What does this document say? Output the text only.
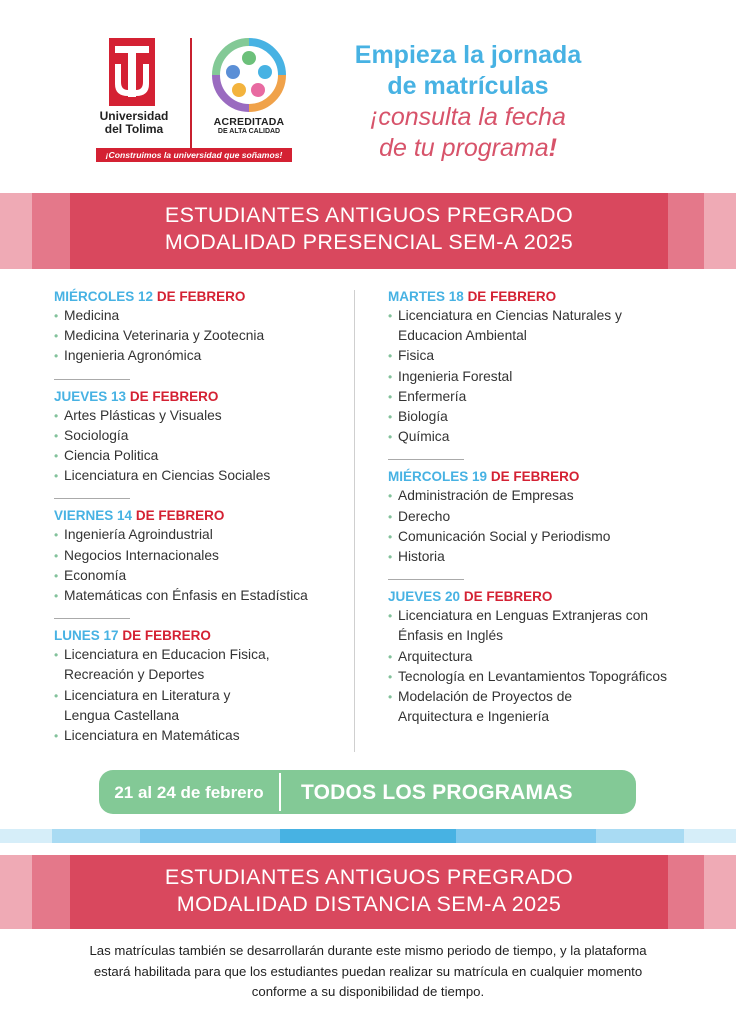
Universidad
del Tolima	ACREDITADA
DE ALTA CALIDAD
¡Construimos la universidad que soñamos!
Empieza la jornada
de matrículas
¡consulta la fecha
de tu programa!
ESTUDIANTES ANTIGUOS PREGRADO
MODALIDAD PRESENCIAL SEM-A 2025
MIÉRCOLES 12 DE FEBRERO
• Medicina
• Medicina Veterinaria y Zootecnia
• Ingenieria Agronómica
JUEVES 13 DE FEBRERO
• Artes Plásticas y Visuales
• Sociología
• Ciencia Politica
• Licenciatura en Ciencias Sociales
VIERNES 14 DE FEBRERO
• Ingeniería Agroindustrial
• Negocios Internacionales
• Economía
• Matemáticas con Énfasis en Estadística
LUNES 17 DE FEBRERO
• Licenciatura en Educacion Fisica,
Recreación y Deportes
• Licenciatura en Literatura y
Lengua Castellana
• Licenciatura en Matemáticas
MARTES 18 DE FEBRERO
• Licenciatura en Ciencias Naturales y
Educacion Ambiental
• Fisica
• Ingenieria Forestal
• Enfermería
• Biología
• Química
MIÉRCOLES 19 DE FEBRERO
• Administración de Empresas
• Derecho
• Comunicación Social y Periodismo
• Historia
JUEVES 20 DE FEBRERO
• Licenciatura en Lenguas Extranjeras con
Énfasis en Inglés
• Arquitectura
• Tecnología en Levantamientos Topográficos
• Modelación de Proyectos de
Arquitectura e Ingeniería
21 al 24 de febrero	TODOS LOS PROGRAMAS
ESTUDIANTES ANTIGUOS PREGRADO
MODALIDAD DISTANCIA SEM-A 2025
Las matrículas también se desarrollarán durante este mismo periodo de tiempo, y la plataforma estará habilitada para que los estudiantes puedan realizar su matrícula en cualquier momento conforme a su disponibilidad de tiempo.
